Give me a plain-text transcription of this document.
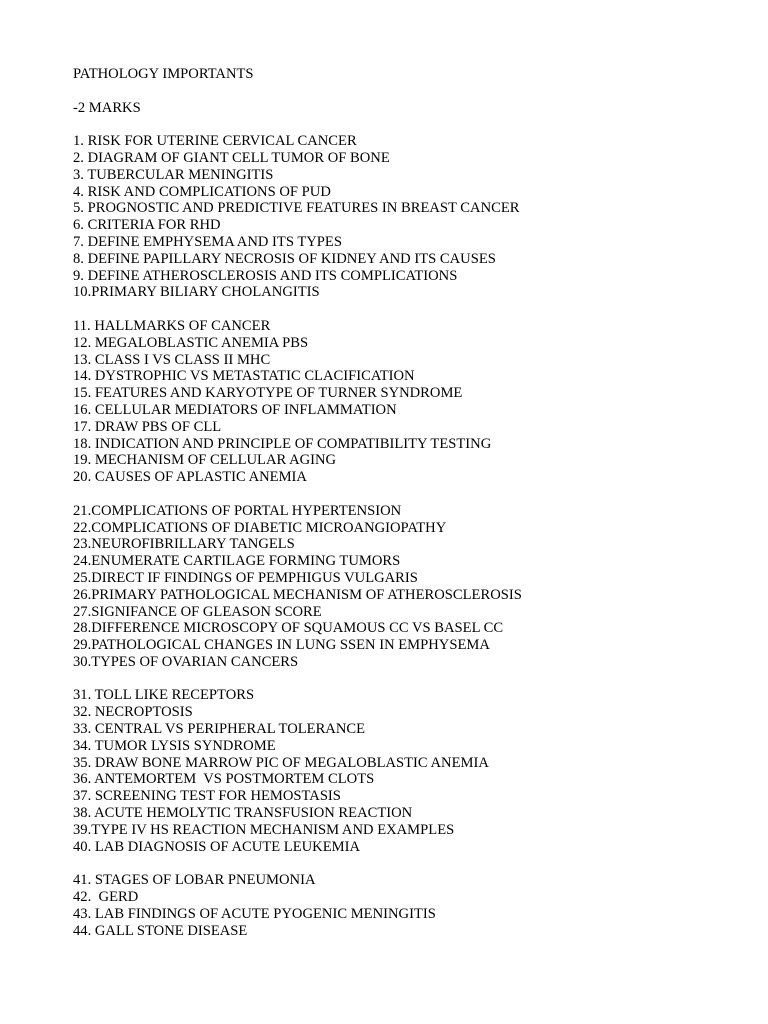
PATHOLOGY IMPORTANTS
-2 MARKS
1. RISK FOR UTERINE CERVICAL CANCER
2. DIAGRAM OF GIANT CELL TUMOR OF BONE
3. TUBERCULAR MENINGITIS
4. RISK AND COMPLICATIONS OF PUD
5. PROGNOSTIC AND PREDICTIVE FEATURES IN BREAST CANCER
6. CRITERIA FOR RHD
7. DEFINE EMPHYSEMA AND ITS TYPES
8. DEFINE PAPILLARY NECROSIS OF KIDNEY AND ITS CAUSES
9. DEFINE ATHEROSCLEROSIS AND ITS COMPLICATIONS
10.PRIMARY BILIARY CHOLANGITIS
11. HALLMARKS OF CANCER
12. MEGALOBLASTIC ANEMIA PBS
13. CLASS I VS CLASS II MHC
14. DYSTROPHIC VS METASTATIC CLACIFICATION
15. FEATURES AND KARYOTYPE OF TURNER SYNDROME
16. CELLULAR MEDIATORS OF INFLAMMATION
17. DRAW PBS OF CLL
18. INDICATION AND PRINCIPLE OF COMPATIBILITY TESTING
19. MECHANISM OF CELLULAR AGING
20. CAUSES OF APLASTIC ANEMIA
21.COMPLICATIONS OF PORTAL HYPERTENSION
22.COMPLICATIONS OF DIABETIC MICROANGIOPATHY
23.NEUROFIBRILLARY TANGELS
24.ENUMERATE CARTILAGE FORMING TUMORS
25.DIRECT IF FINDINGS OF PEMPHIGUS VULGARIS
26.PRIMARY PATHOLOGICAL MECHANISM OF ATHEROSCLEROSIS
27.SIGNIFANCE OF GLEASON SCORE
28.DIFFERENCE MICROSCOPY OF SQUAMOUS CC VS BASEL CC
29.PATHOLOGICAL CHANGES IN LUNG SSEN IN EMPHYSEMA
30.TYPES OF OVARIAN CANCERS
31. TOLL LIKE RECEPTORS
32. NECROPTOSIS
33. CENTRAL VS PERIPHERAL TOLERANCE
34. TUMOR LYSIS SYNDROME
35. DRAW BONE MARROW PIC OF MEGALOBLASTIC ANEMIA
36. ANTEMORTEM  VS POSTMORTEM CLOTS
37. SCREENING TEST FOR HEMOSTASIS
38. ACUTE HEMOLYTIC TRANSFUSION REACTION
39.TYPE IV HS REACTION MECHANISM AND EXAMPLES
40. LAB DIAGNOSIS OF ACUTE LEUKEMIA
41. STAGES OF LOBAR PNEUMONIA
42.  GERD
43. LAB FINDINGS OF ACUTE PYOGENIC MENINGITIS
44. GALL STONE DISEASE
